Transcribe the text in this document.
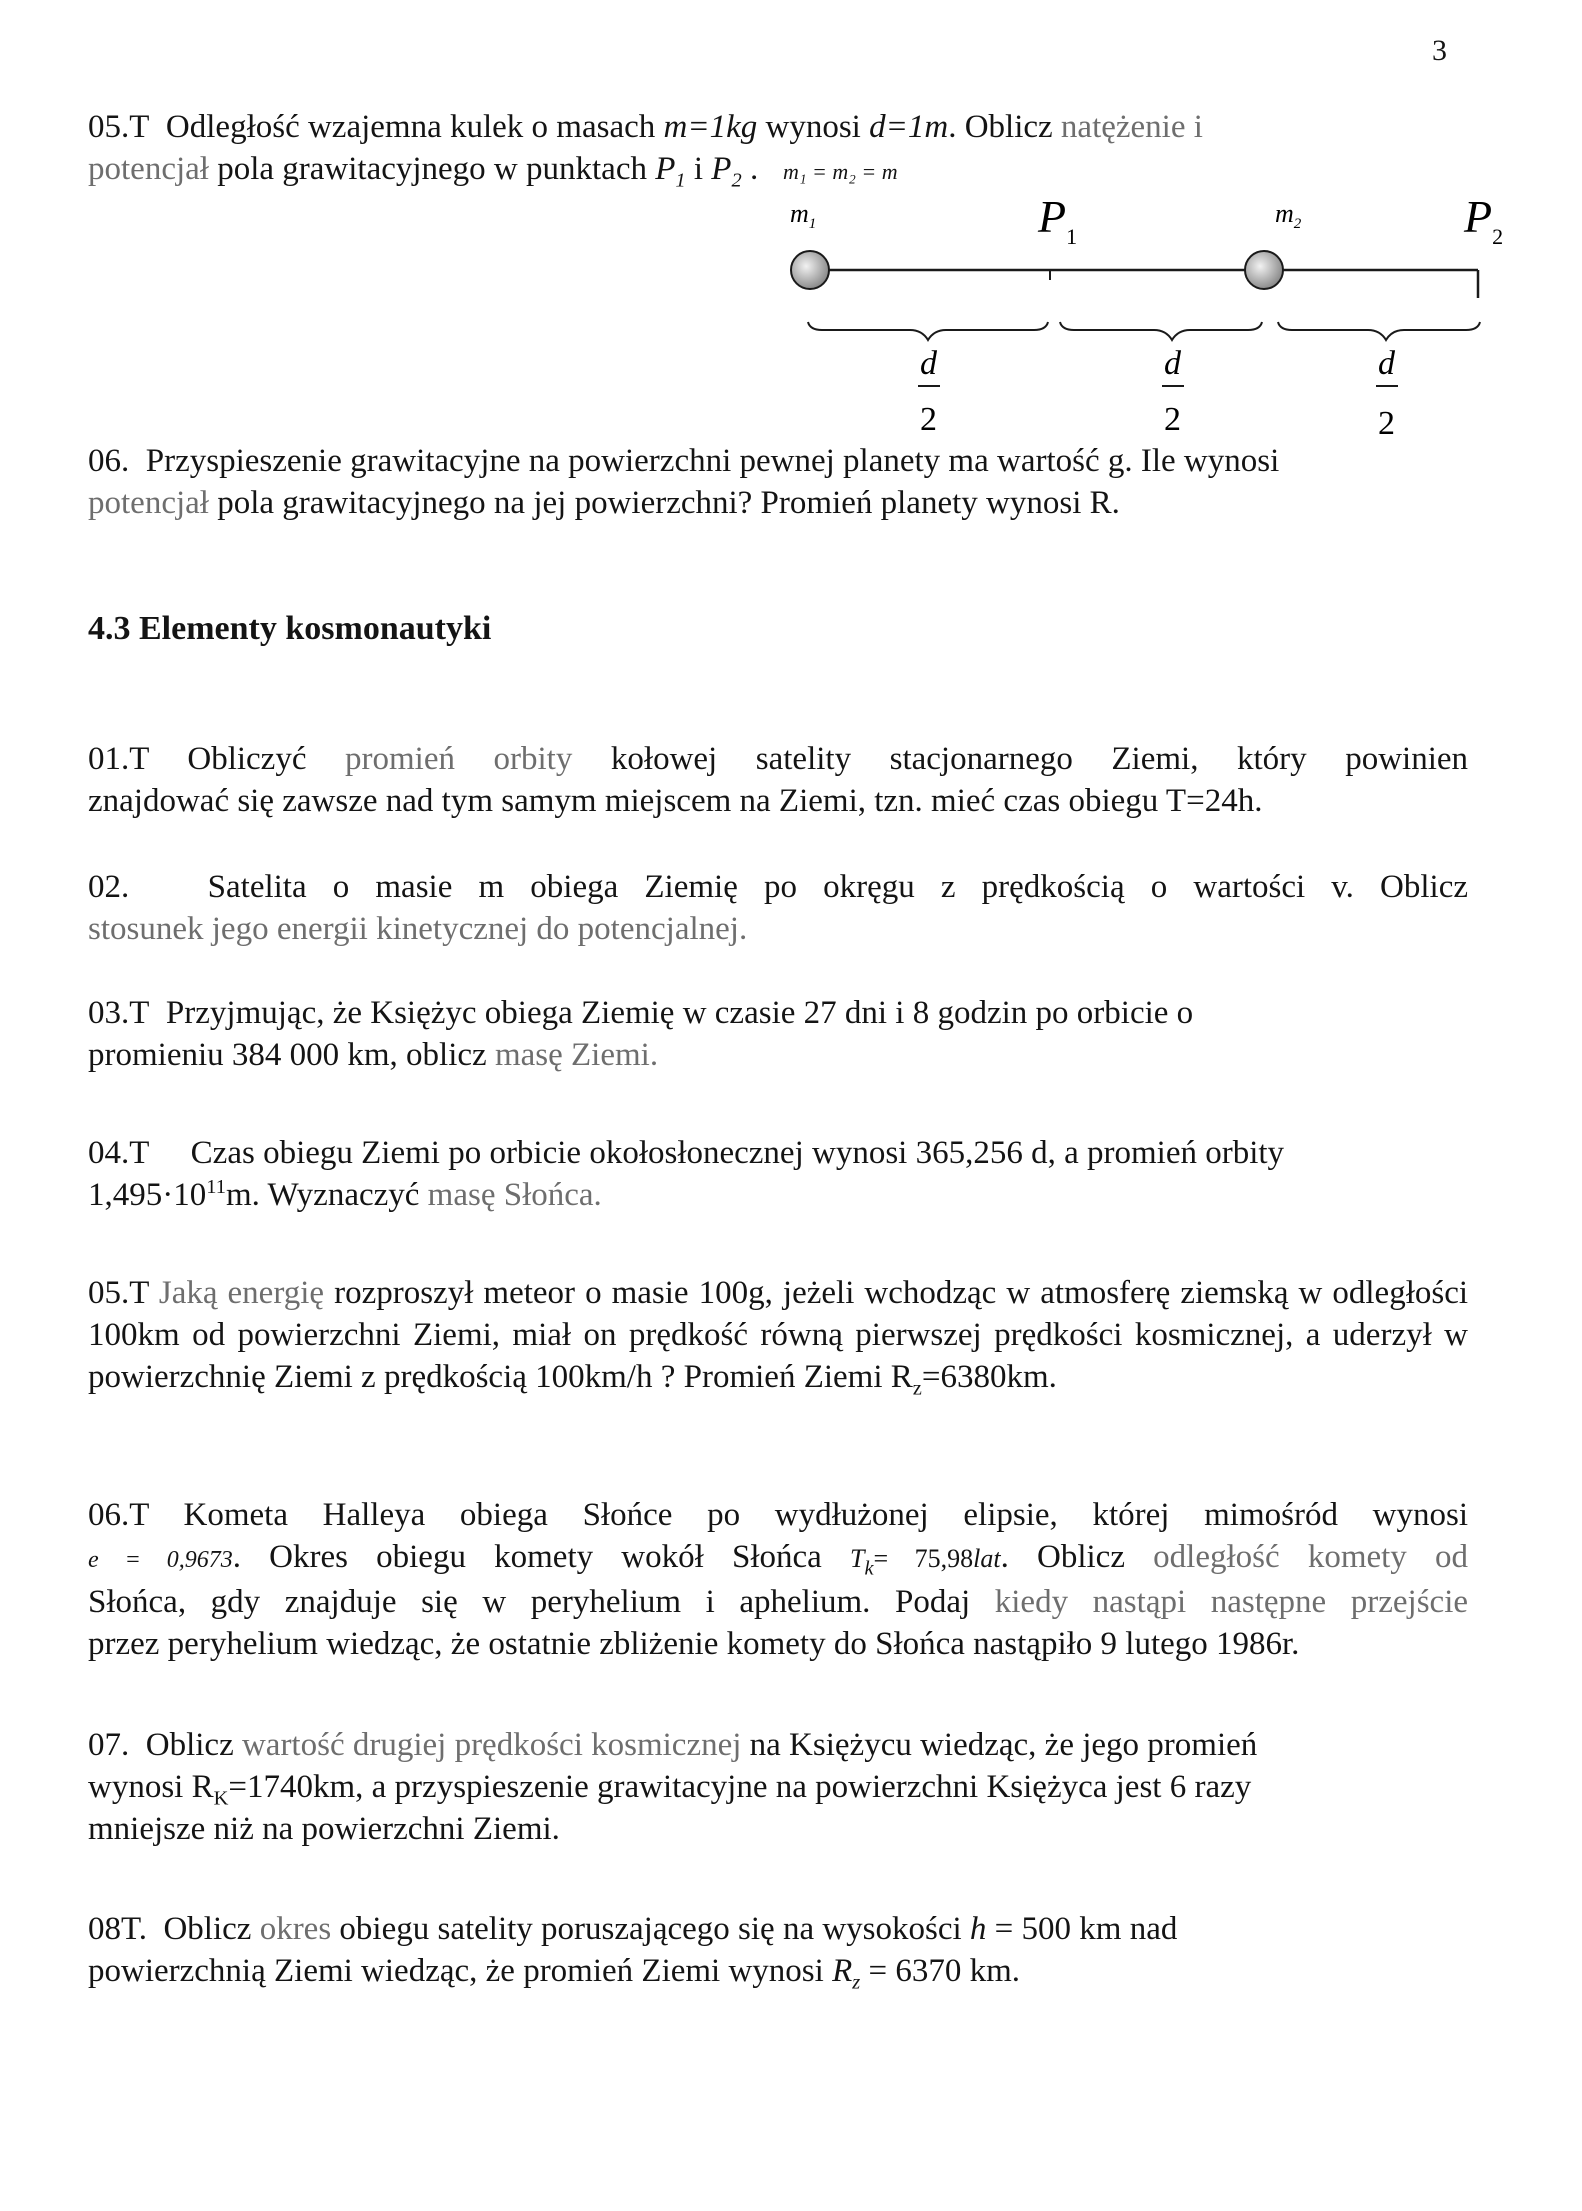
3
05.T Odległość wzajemna kulek o masach m=1kg wynosi d=1m. Oblicz natężenie i
potencjał pola grawitacyjnego w punktach $P_1$ i $P_2$ . m₁ = m₂ = m
$m_1$	$P_1$
$m_2$	$P_2$
d
2
d
2
d
2
06. Przyspieszenie grawitacyjne na powierzchni pewnej planety ma wartość g. Ile wynosi
potencjał pola grawitacyjnego na jej powierzchni? Promień planety wynosi R.
4.3 Elementy kosmonautyki
01.T Obliczyć promień orbity kołowej satelity stacjonarnego Ziemi, który powinien
znajdować się zawsze nad tym samym miejscem na Ziemi, tzn. mieć czas obiegu T=24h.
02. Satelita o masie m obiega Ziemię po okręgu z prędkością o wartości v. Oblicz
stosunek jego energii kinetycznej do potencjalnej.
03.T Przyjmując, że Księżyc obiega Ziemię w czasie 27 dni i 8 godzin po orbicie o
promieniu 384 000 km, oblicz masę Ziemi.
04.T Czas obiegu Ziemi po orbicie okołosłonecznej wynosi 365,256 d, a promień orbity
$1,495\cdot 10^{11}m$. Wyznaczyć masę Słońca.
05.T Jaką energię rozproszył meteor o masie 100g, jeżeli wchodząc w atmosferę ziemską w odległości 100km od powierzchni Ziemi, miał on prędkość równą pierwszej prędkości kosmicznej, a uderzył w powierzchnię Ziemi z prędkością 100km/h ? Promień Ziemi $R_z=6380km$.
06.T Kometa Halleya obiega Słońce po wydłużonej elipsie, której mimośród wynosi
e = 0,9673. Okres obiegu komety wokół Słońca $T_k= 75,98lat$. Oblicz odległość komety od
Słońca, gdy znajduje się w peryhelium i aphelium. Podaj kiedy nastąpi następne przejście
przez peryhelium wiedząc, że ostatnie zbliżenie komety do Słońca nastąpiło 9 lutego 1986r.
07. Oblicz wartość drugiej prędkości kosmicznej na Księżycu wiedząc, że jego promień
wynosi $R_K=1740km$, a przyspieszenie grawitacyjne na powierzchni Księżyca jest 6 razy
mniejsze niż na powierzchni Ziemi.
08T. Oblicz okres obiegu satelity poruszającego się na wysokości h = 500 km nad
powierzchnią Ziemi wiedząc, że promień Ziemi wynosi $R_z = 6370$ km.
